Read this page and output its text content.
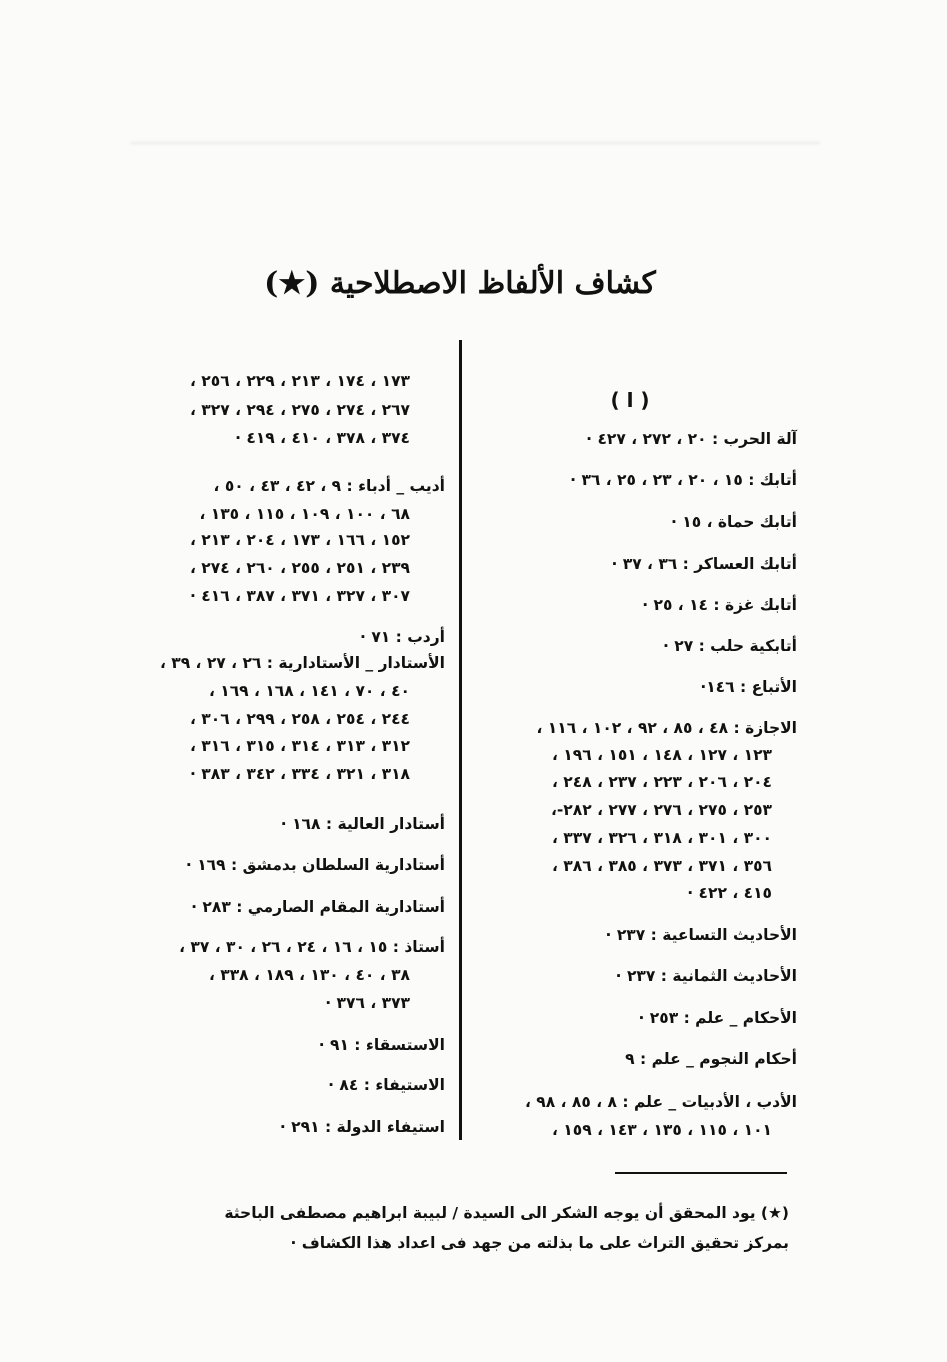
كشاف الألفاظ الاصطلاحية (★)
( ا )
آلة الحرب : ٢٠ ، ٢٧٢ ، ٤٢٧ ·
أتابك : ١٥ ، ٢٠ ، ٢٣ ، ٢٥ ، ٣٦ ·
أتابك حماة ، ١٥ ·
أتابك العساكر : ٣٦ ، ٣٧ ·
أتابك غزة : ١٤ ، ٢٥ ·
أتابكية حلب : ٢٧ ·
الأتباع : ١٤٦·
الاجازة : ٤٨ ، ٨٥ ، ٩٢ ، ١٠٢ ، ١١٦ ،
١٢٣ ، ١٢٧ ، ١٤٨ ، ١٥١ ، ١٩٦ ،
٢٠٤ ، ٢٠٦ ، ٢٢٣ ، ٢٣٧ ، ٢٤٨ ،
٢٥٣ ، ٢٧٥ ، ٢٧٦ ، ٢٧٧ ، ٢٨٢-،
٣٠٠ ، ٣٠١ ، ٣١٨ ، ٣٢٦ ، ٣٣٧ ،
٣٥٦ ، ٣٧١ ، ٣٧٣ ، ٣٨٥ ، ٣٨٦ ،
٤١٥ ، ٤٢٢ ·
الأحاديث التساعية : ٢٣٧ ·
الأحاديث الثمانية : ٢٣٧ ·
الأحكام _ علم : ٢٥٣ ·
أحكام النجوم _ علم : ٩
الأدب ، الأدبيات _ علم : ٨ ، ٨٥ ، ٩٨ ،
١٠١ ، ١١٥ ، ١٣٥ ، ١٤٣ ، ١٥٩ ،
١٧٣ ، ١٧٤ ، ٢١٣ ، ٢٢٩ ، ٢٥٦ ،
٢٦٧ ، ٢٧٤ ، ٢٧٥ ، ٢٩٤ ، ٣٢٧ ،
٣٧٤ ، ٣٧٨ ، ٤١٠ ، ٤١٩ ·
أديب _ أدباء : ٩ ، ٤٢ ، ٤٣ ، ٥٠ ،
٦٨ ، ١٠٠ ، ١٠٩ ، ١١٥ ، ١٣٥ ،
١٥٢ ، ١٦٦ ، ١٧٣ ، ٢٠٤ ، ٢١٣ ،
٢٣٩ ، ٢٥١ ، ٢٥٥ ، ٢٦٠ ، ٢٧٤ ،
٣٠٧ ، ٣٢٧ ، ٣٧١ ، ٣٨٧ ، ٤١٦ ·
أردب : ٧١ ·
الأستادار _ الأستادارية : ٢٦ ، ٢٧ ، ٣٩ ،
٤٠ ، ٧٠ ، ١٤١ ، ١٦٨ ، ١٦٩ ،
٢٤٤ ، ٢٥٤ ، ٢٥٨ ، ٢٩٩ ، ٣٠٦ ،
٣١٢ ، ٣١٣ ، ٣١٤ ، ٣١٥ ، ٣١٦ ،
٣١٨ ، ٣٢١ ، ٣٣٤ ، ٣٤٢ ، ٣٨٣ ·
أستادار العالية : ١٦٨ ·
أستادارية السلطان بدمشق : ١٦٩ ·
أستادارية المقام الصارمي : ٢٨٣ ·
أستاذ : ١٥ ، ١٦ ، ٢٤ ، ٢٦ ، ٣٠ ، ٣٧ ،
٣٨ ، ٤٠ ، ١٣٠ ، ١٨٩ ، ٣٣٨ ،
٣٧٣ ، ٣٧٦ ·
الاستسقاء : ٩١ ·
الاستيفاء : ٨٤ ·
استيفاء الدولة : ٢٩١ ·
(★) يود المحقق أن يوجه الشكر الى السيدة / لبيبة ابراهيم مصطفى الباحثة
بمركز تحقيق التراث على ما بذلته من جهد فى اعداد هذا الكشاف ·
